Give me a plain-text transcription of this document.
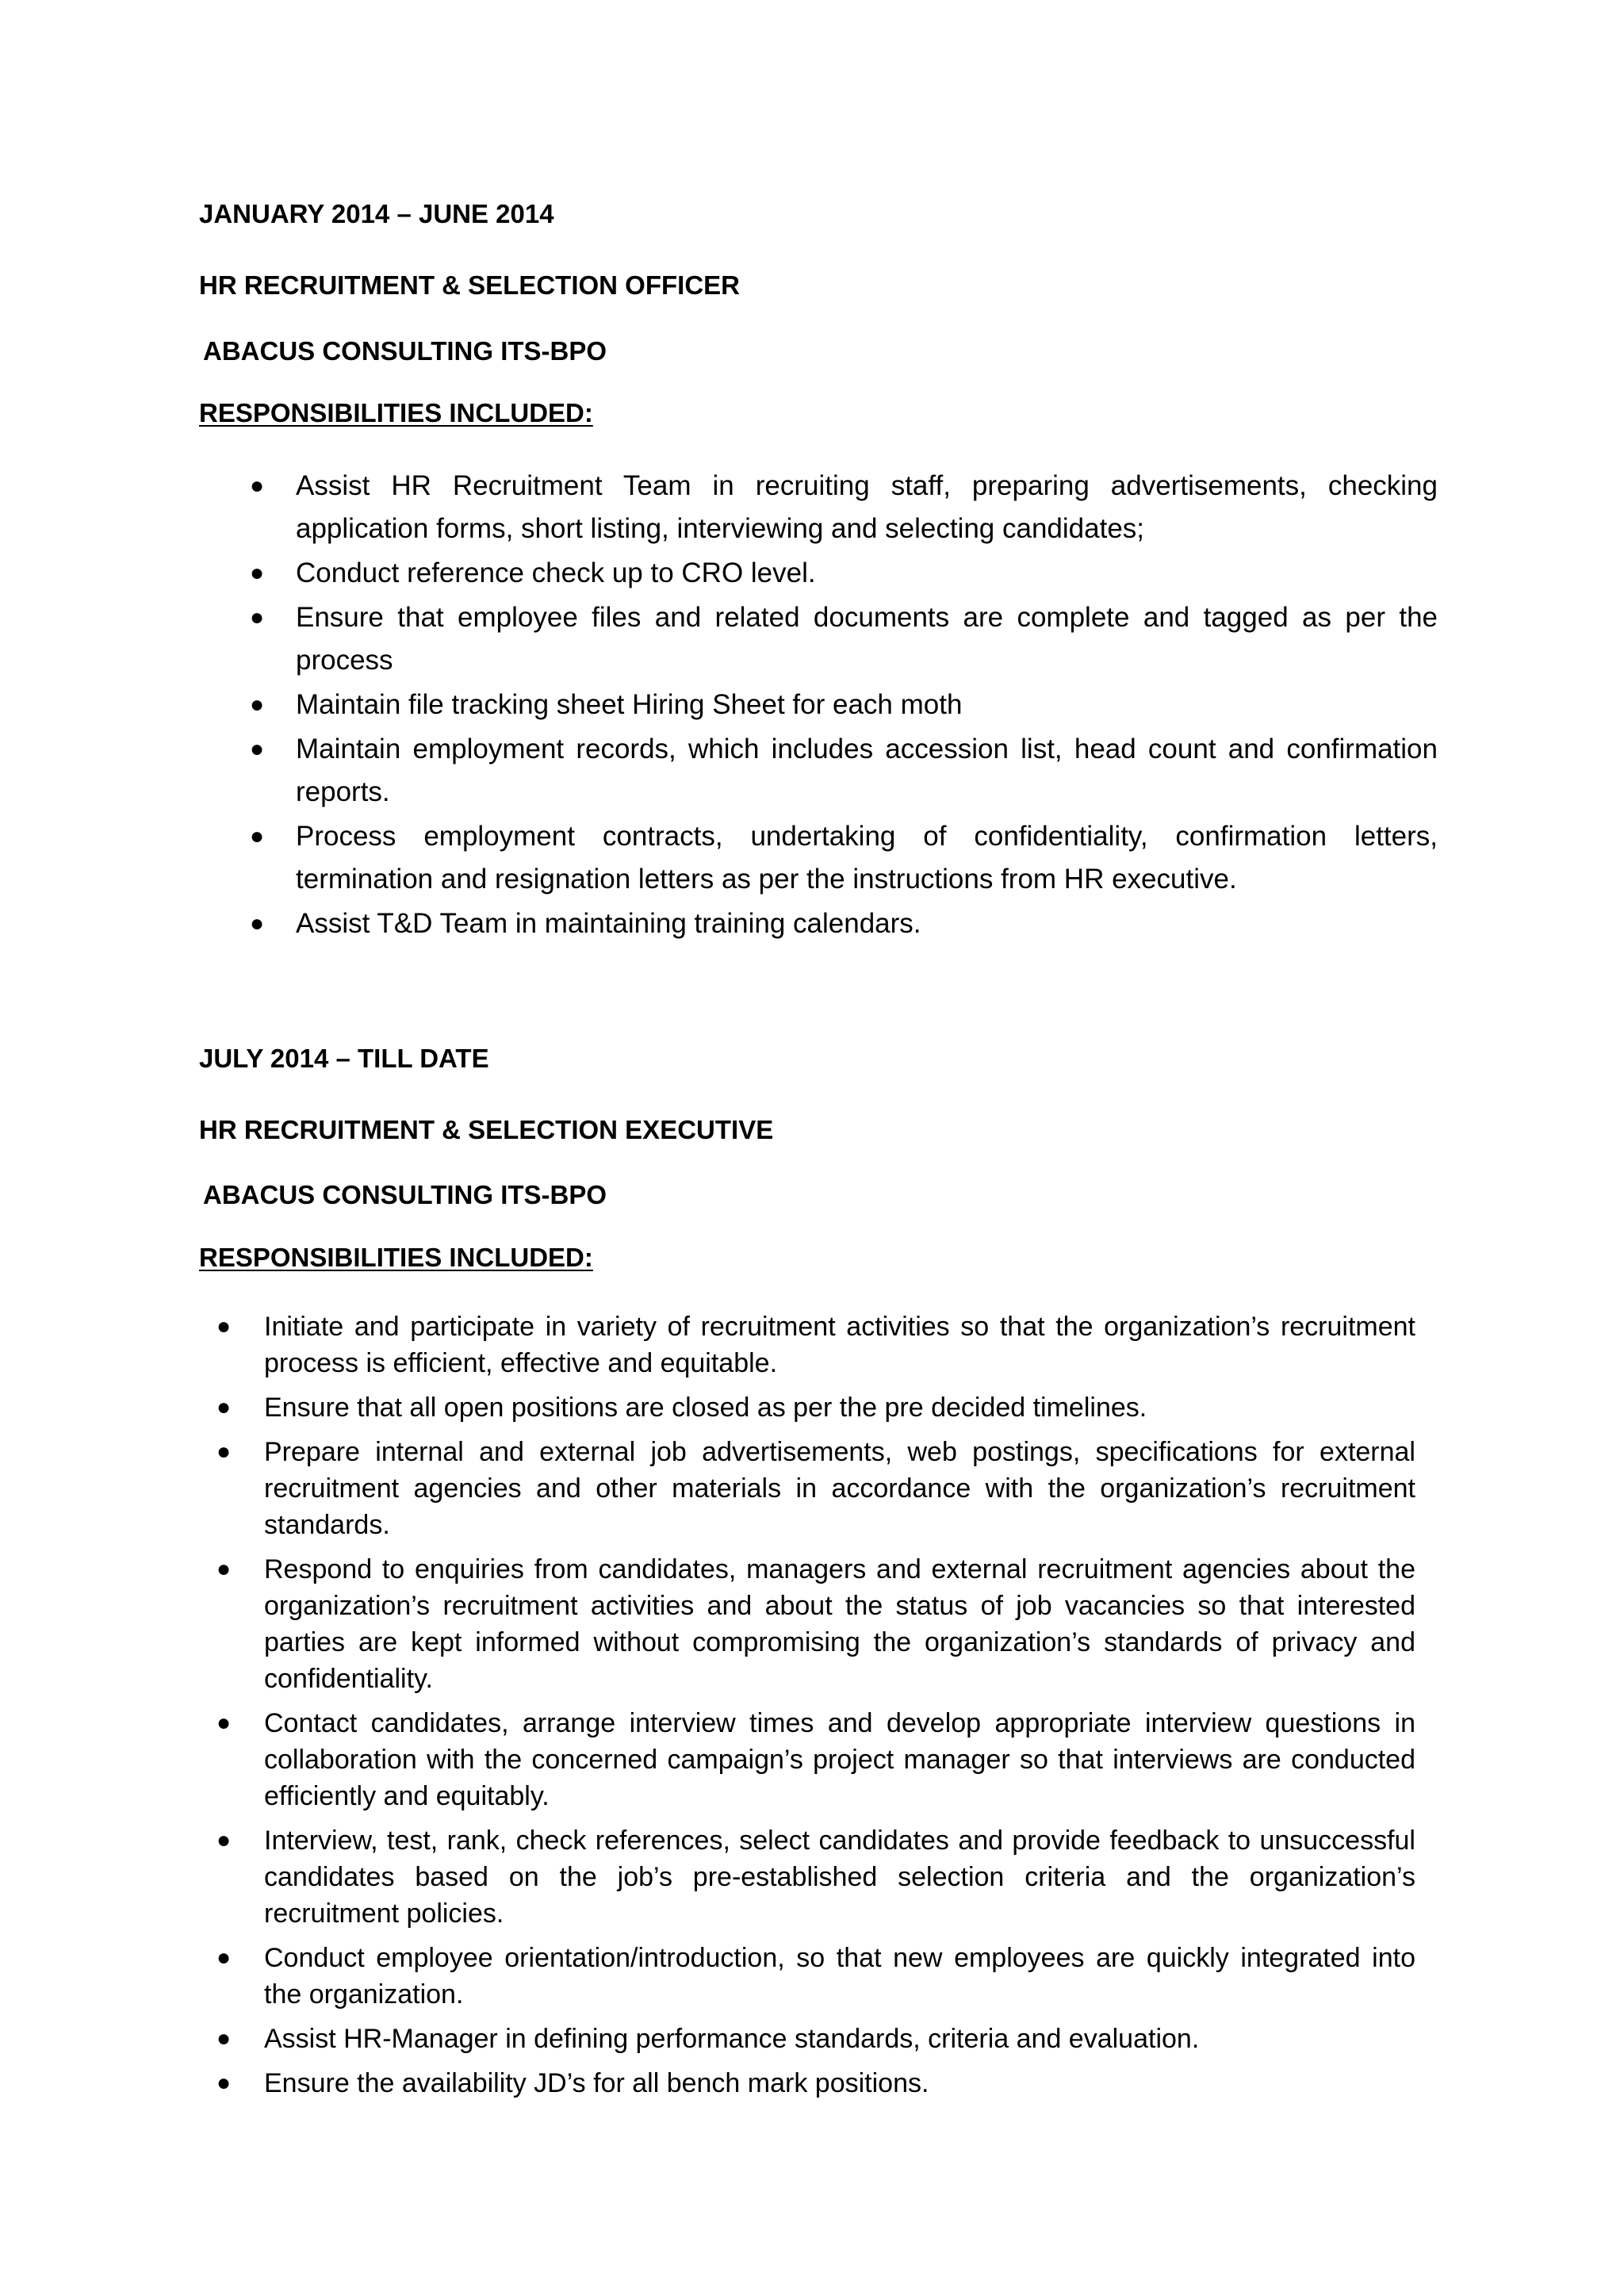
JANUARY 2014 – JUNE 2014
HR RECRUITMENT & SELECTION OFFICER
ABACUS CONSULTING ITS-BPO
RESPONSIBILITIES INCLUDED:
● Assist HR Recruitment Team in recruiting staff, preparing advertisements, checking application forms, short listing, interviewing and selecting candidates;
● Conduct reference check up to CRO level.
● Ensure that employee files and related documents are complete and tagged as per the process
● Maintain file tracking sheet Hiring Sheet for each moth
● Maintain employment records, which includes accession list, head count and confirmation reports.
● Process employment contracts, undertaking of confidentiality, confirmation letters, termination and resignation letters as per the instructions from HR executive.
● Assist T&D Team in maintaining training calendars.
JULY 2014 – TILL DATE
HR RECRUITMENT & SELECTION EXECUTIVE
ABACUS CONSULTING ITS-BPO
RESPONSIBILITIES INCLUDED:
● Initiate and participate in variety of recruitment activities so that the organization’s recruitment process is efficient, effective and equitable.
● Ensure that all open positions are closed as per the pre decided timelines.
● Prepare internal and external job advertisements, web postings, specifications for external recruitment agencies and other materials in accordance with the organization’s recruitment standards.
● Respond to enquiries from candidates, managers and external recruitment agencies about the organization’s recruitment activities and about the status of job vacancies so that interested parties are kept informed without compromising the organization’s standards of privacy and confidentiality.
● Contact candidates, arrange interview times and develop appropriate interview questions in collaboration with the concerned campaign’s project manager so that interviews are conducted efficiently and equitably.
● Interview, test, rank, check references, select candidates and provide feedback to unsuccessful candidates based on the job’s pre-established selection criteria and the organization’s recruitment policies.
● Conduct employee orientation/introduction, so that new employees are quickly integrated into the organization.
● Assist HR-Manager in defining performance standards, criteria and evaluation.
● Ensure the availability JD’s for all bench mark positions.
